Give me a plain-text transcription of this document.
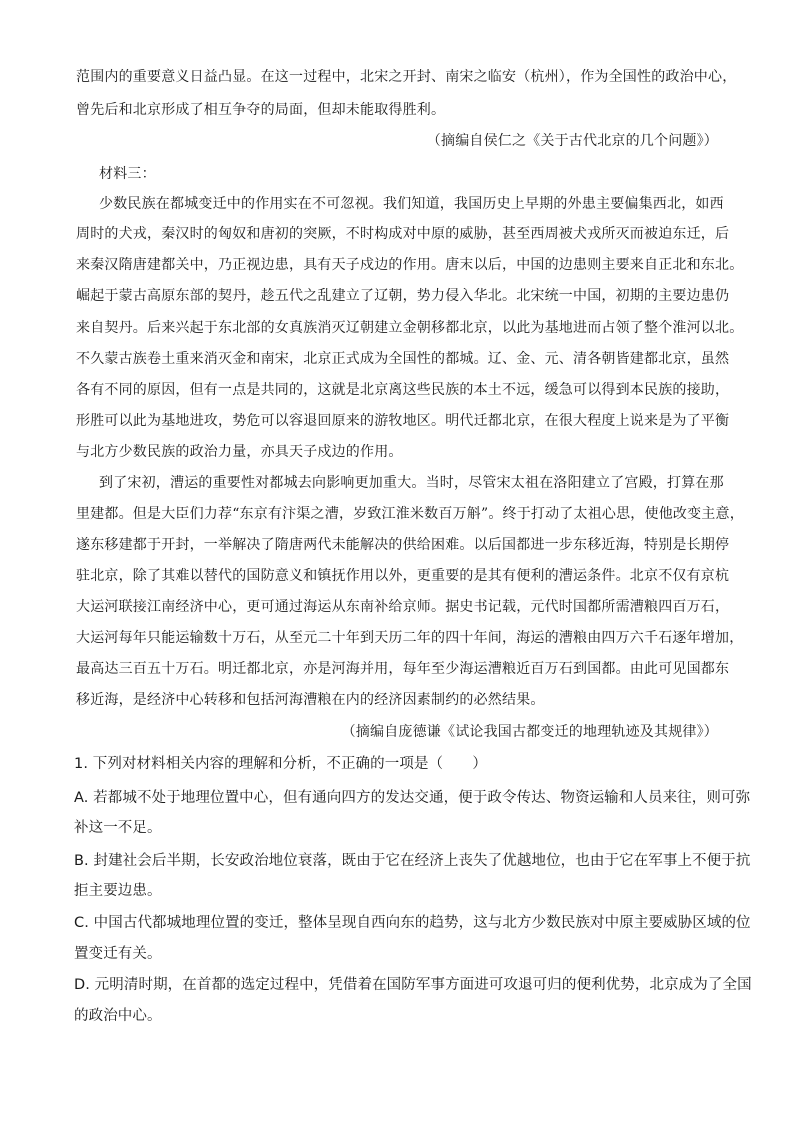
范围内的重要意义日益凸显。在这一过程中，北宋之开封、南宋之临安（杭州），作为全国性的政治中心，
曾先后和北京形成了相互争夺的局面，但却未能取得胜利。
（摘编自侯仁之《关于古代北京的几个问题》）
材料三：
少数民族在都城变迁中的作用实在不可忽视。我们知道，我国历史上早期的外患主要偏集西北，如西
周时的犬戎，秦汉时的匈奴和唐初的突厥，不时构成对中原的威胁，甚至西周被犬戎所灭而被迫东迁，后
来秦汉隋唐建都关中，乃正视边患，具有天子戍边的作用。唐末以后，中国的边患则主要来自正北和东北。
崛起于蒙古高原东部的契丹，趁五代之乱建立了辽朝，势力侵入华北。北宋统一中国，初期的主要边患仍
来自契丹。后来兴起于东北部的女真族消灭辽朝建立金朝移都北京，以此为基地进而占领了整个淮河以北。
不久蒙古族卷土重来消灭金和南宋，北京正式成为全国性的都城。辽、金、元、清各朝皆建都北京，虽然
各有不同的原因，但有一点是共同的，这就是北京离这些民族的本土不远，缓急可以得到本民族的接助，
形胜可以此为基地进攻，势危可以容退回原来的游牧地区。明代迁都北京，在很大程度上说来是为了平衡
与北方少数民族的政治力量，亦具天子戍边的作用。
到了宋初，漕运的重要性对都城去向影响更加重大。当时，尽管宋太祖在洛阳建立了宫殿，打算在那
里建都。但是大臣们力荐“东京有汴渠之漕，岁致江淮米数百万斛”。终于打动了太祖心思，使他改变主意，
遂东移建都于开封，一举解决了隋唐两代未能解决的供给困难。以后国都进一步东移近海，特别是长期停
驻北京，除了其难以替代的国防意义和镇抚作用以外，更重要的是其有便利的漕运条件。北京不仅有京杭
大运河联接江南经济中心，更可通过海运从东南补给京师。据史书记载，元代时国都所需漕粮四百万石，
大运河每年只能运输数十万石，从至元二十年到天历二年的四十年间，海运的漕粮由四万六千石逐年增加，
最高达三百五十万石。明迁都北京，亦是河海并用，每年至少海运漕粮近百万石到国都。由此可见国都东
移近海，是经济中心转移和包括河海漕粮在内的经济因素制约的必然结果。
（摘编自庞德谦《试论我国古都变迁的地理轨迹及其规律》）
1. 下列对材料相关内容的理解和分析，不正确的一项是（　　）
A. 若都城不处于地理位置中心，但有通向四方的发达交通，便于政令传达、物资运输和人员来往，则可弥
补这一不足。
B. 封建社会后半期，长安政治地位衰落，既由于它在经济上丧失了优越地位，也由于它在军事上不便于抗
拒主要边患。
C. 中国古代都城地理位置的变迁，整体呈现自西向东的趋势，这与北方少数民族对中原主要威胁区域的位
置变迁有关。
D. 元明清时期，在首都的选定过程中，凭借着在国防军事方面进可攻退可归的便利优势，北京成为了全国
的政治中心。
